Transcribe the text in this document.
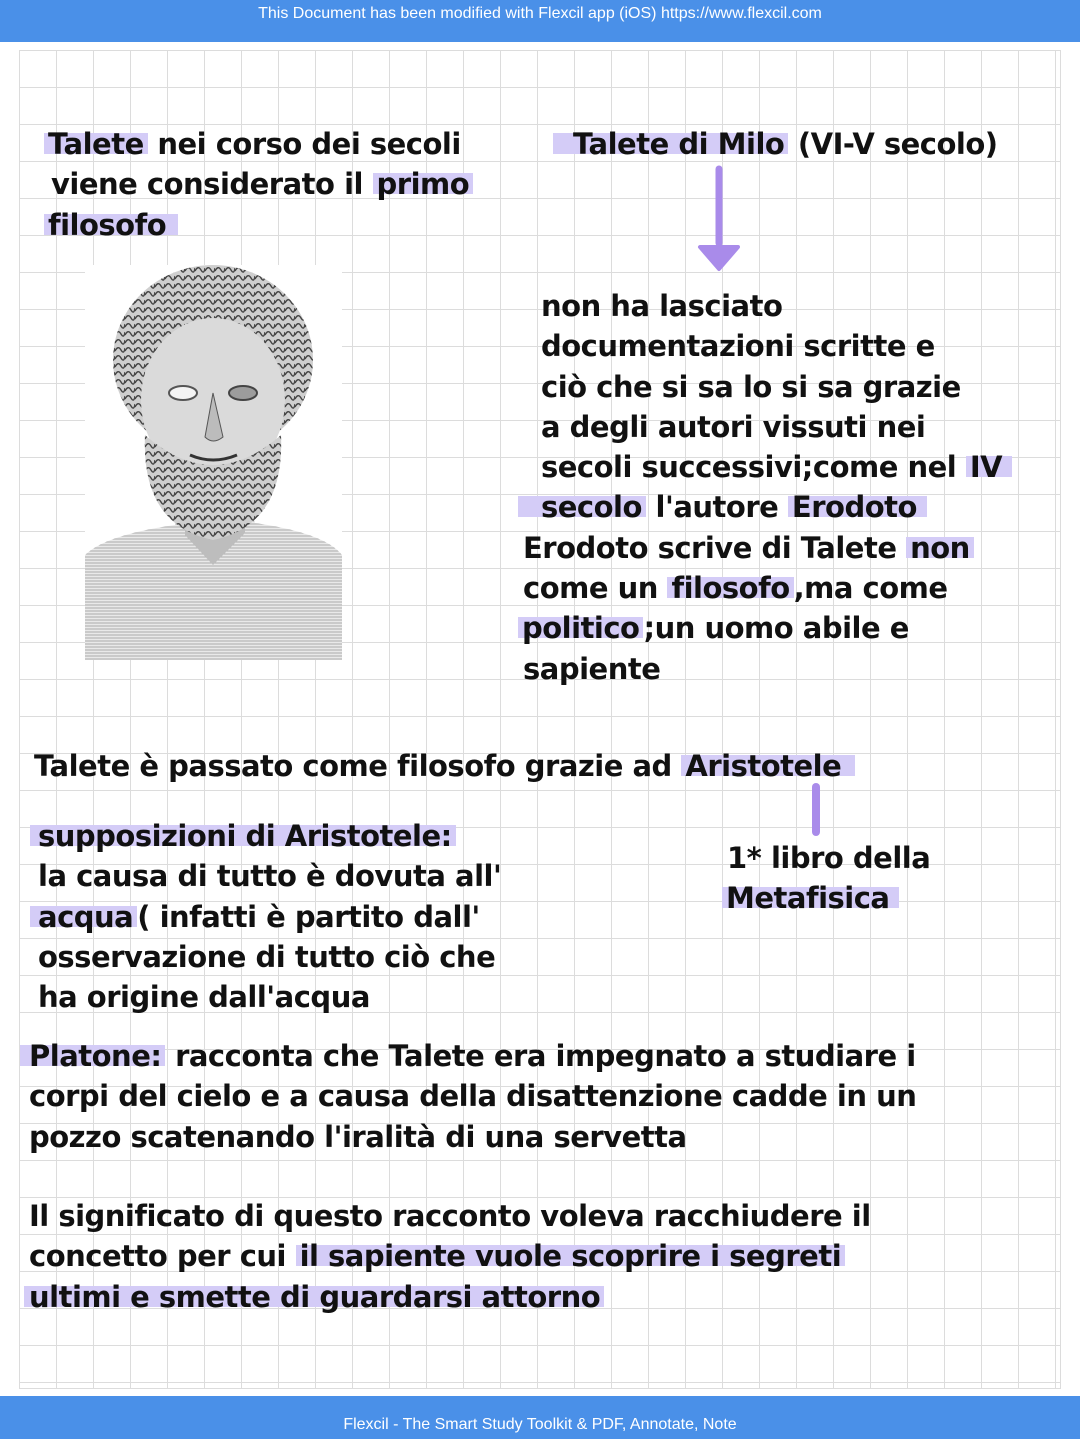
This Document has been modified with Flexcil app (iOS) https://www.flexcil.com
Talete nei corso dei secoli
viene considerato il primo
filosofo
Talete di Milo (VI-V secolo)
non ha lasciato
documentazioni scritte e
ciò che si sa lo si sa grazie
a degli autori vissuti nei
secoli successivi;come nel IV
secolo l'autore Erodoto
Erodoto scrive di Talete non
come un filosofo ,ma come
politico ;un uomo abile e
sapiente
Talete è passato come filosofo grazie ad Aristotele
1* libro della
Metafisica
supposizioni di Aristotele:
la causa di tutto è dovuta all'
acqua ( infatti è partito dall'
osservazione di tutto ciò che
ha origine dall'acqua
Platone: racconta che Talete era impegnato a studiare i
corpi del cielo e a causa della disattenzione cadde in un
pozzo scatenando l'iralità di una servetta
Il significato di questo racconto voleva racchiudere il
concetto per cui il sapiente vuole scoprire i segreti
ultimi e smette di guardarsi attorno
Flexcil - The Smart Study Toolkit & PDF, Annotate, Note
